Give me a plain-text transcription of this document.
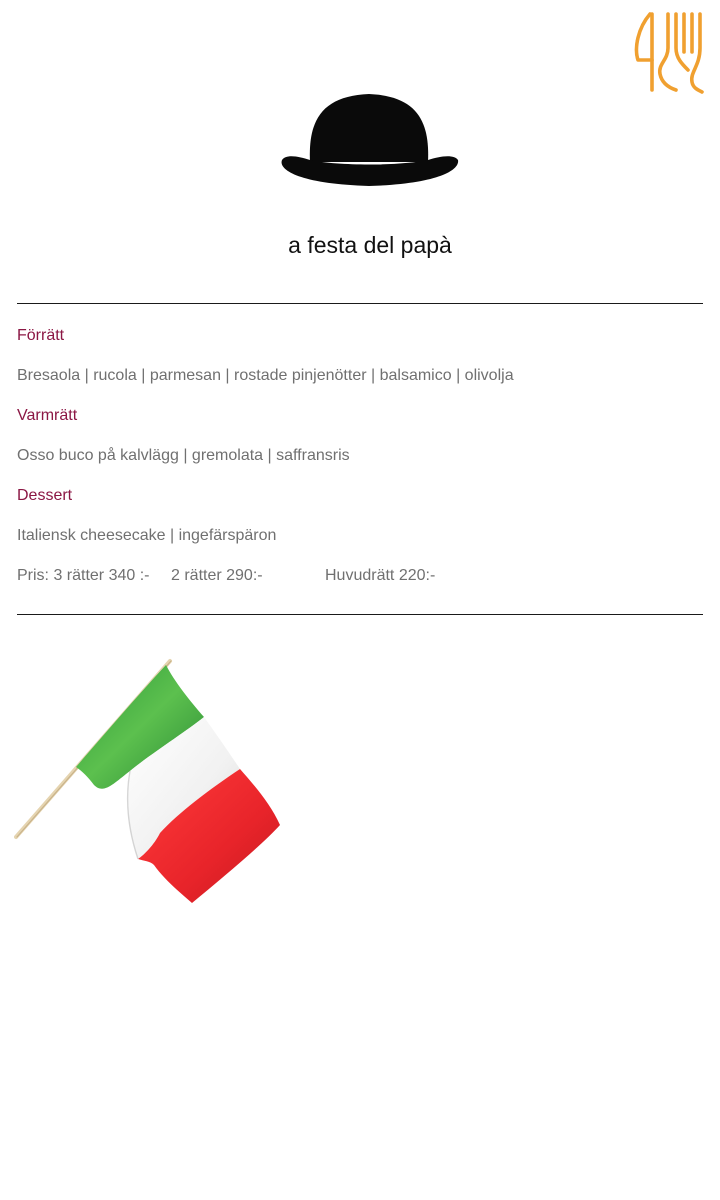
a festa del papà
Förrätt
Bresaola | rucola | parmesan | rostade pinjenötter | balsamico | olivolja
Varmrätt
Osso buco på kalvlägg | gremolata | saffransris
Dessert
Italiensk cheesecake | ingefärspäron
Pris: 3 rätter 340 :- 2 rätter 290:-	Huvudrätt 220:-
